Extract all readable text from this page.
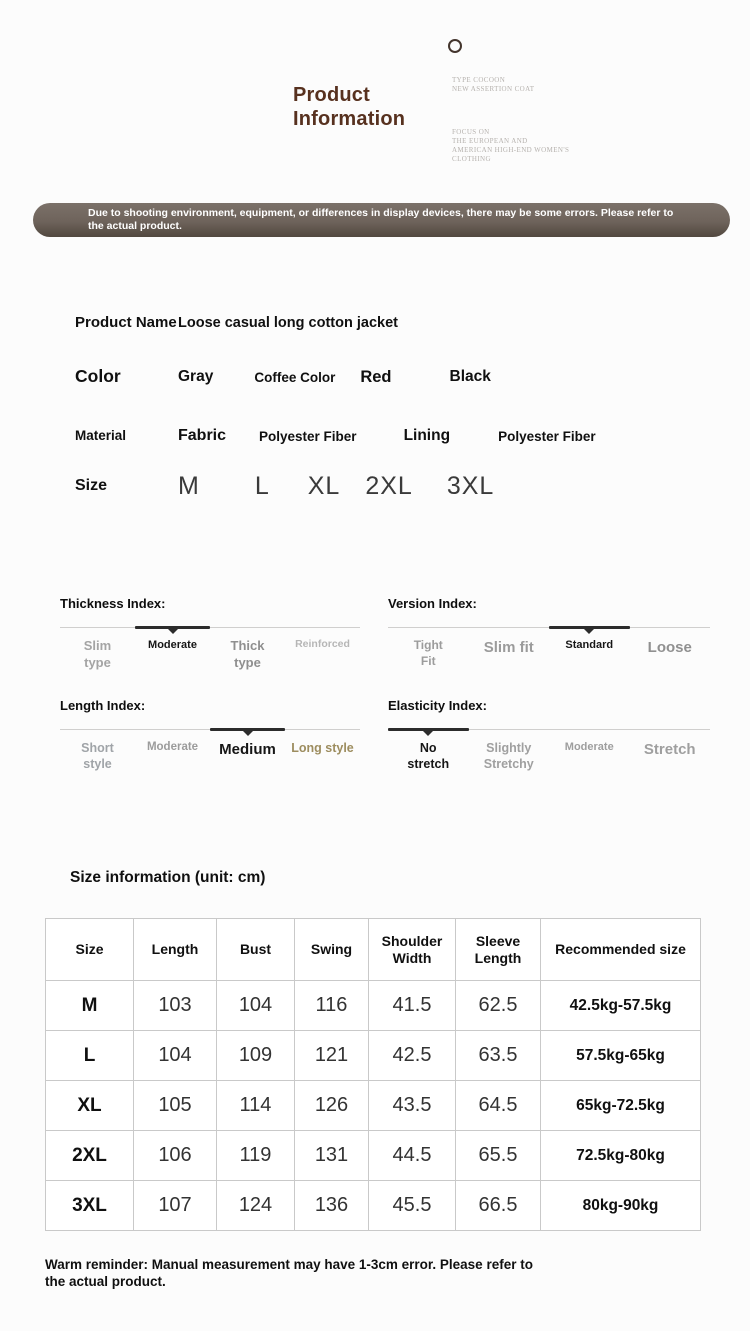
Product
Information
TYPE COCOON
NEW ASSERTION COAT
FOCUS ON
THE EUROPEAN AND
AMERICAN HIGH-END WOMEN'S
CLOTHING
Due to shooting environment, equipment, or differences in display devices, there may be some errors. Please refer to the actual product.
Product Name Loose casual long cotton jacket
Color	Gray	Coffee Color Red	Black
Material	Fabric Polyester Fiber	Lining	Polyester Fiber
Size	M L XL 2XL 3XL
Thickness Index:
Slim type
Moderate	Thick type
Reinforced
Version Index:
Tight Fit
Slim fit	Standard	Loose
Length Index:
Short style
Moderate	Medium	Long style
Elasticity Index:
No stretch
Slightly Stretchy
Moderate	Stretch
Size information (unit: cm)
Size	Length	Bust	Swing	Shoulder Width	Sleeve Length	Recommended size
M	103	104	116	41.5	62.5	42.5kg-57.5kg
L	104	109	121	42.5	63.5	57.5kg-65kg
XL	105	114	126	43.5	64.5	65kg-72.5kg
2XL	106	119	131	44.5	65.5	72.5kg-80kg
3XL	107	124	136	45.5	66.5	80kg-90kg
Warm reminder: Manual measurement may have 1-3cm error. Please refer to the actual product.
